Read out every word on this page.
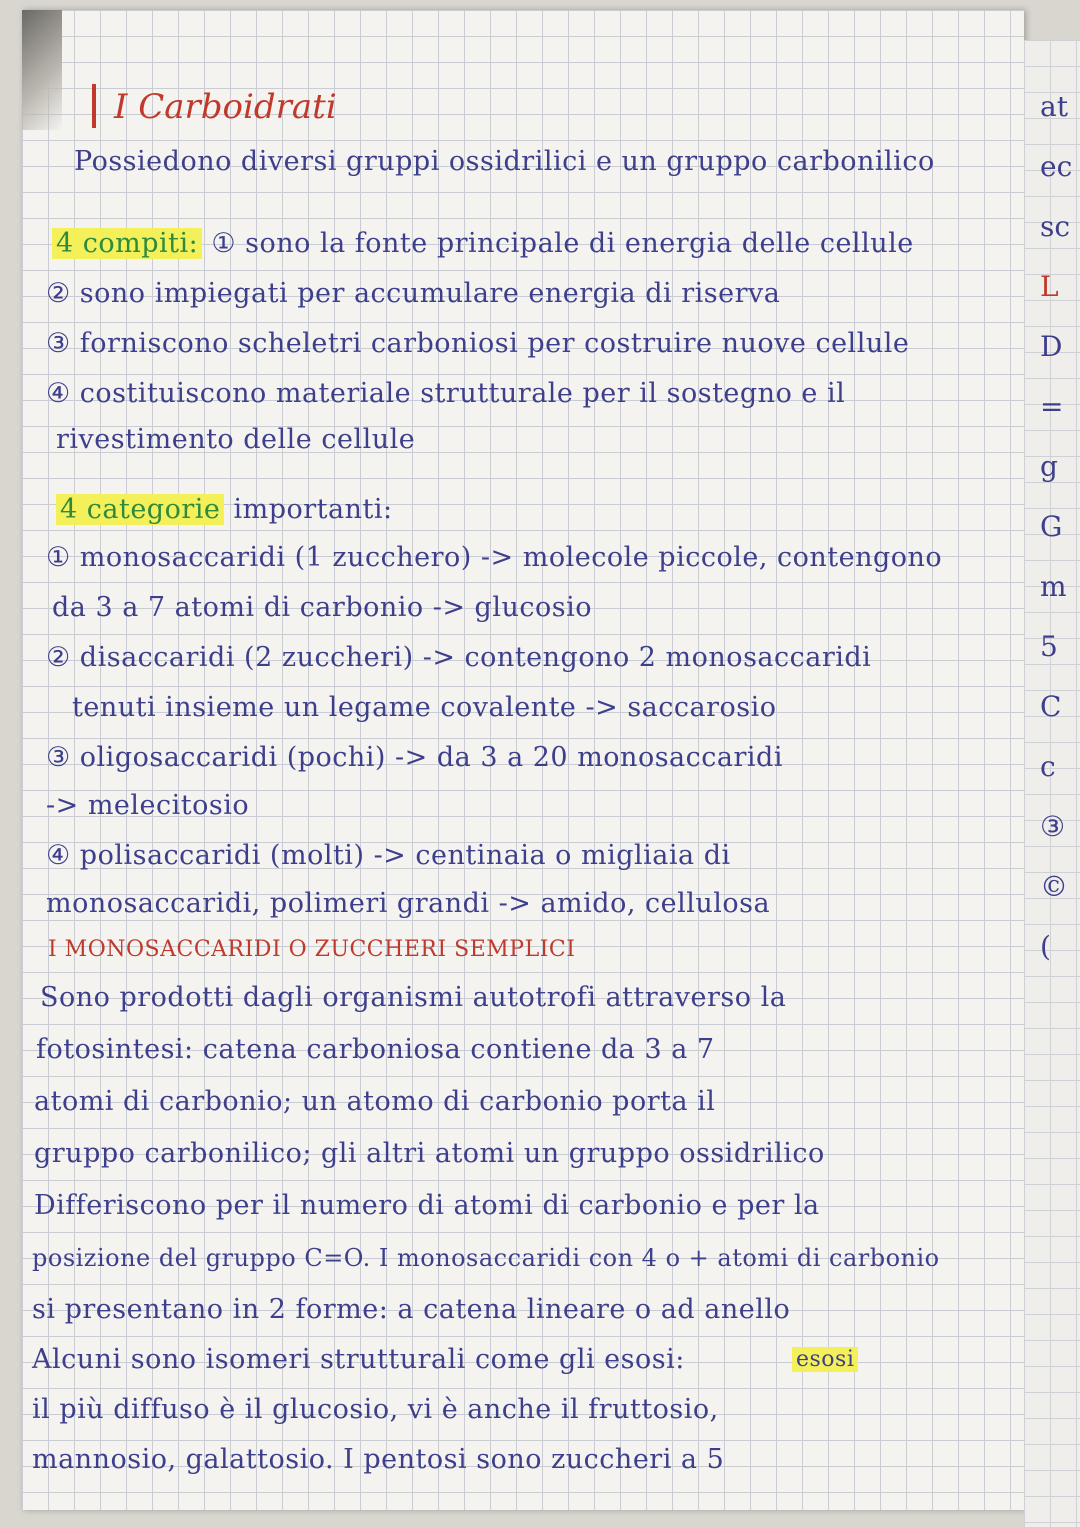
I Carboidrati
Possiedono diversi gruppi ossidrilici e un gruppo carbonilico
4 compiti: ① sono la fonte principale di energia delle cellule
② sono impiegati per accumulare energia di riserva
③ forniscono scheletri carboniosi per costruire nuove cellule
④ costituiscono materiale strutturale per il sostegno e il
rivestimento delle cellule
4 categorie importanti:
① monosaccaridi (1 zucchero) -> molecole piccole, contengono
da 3 a 7 atomi di carbonio -> glucosio
② disaccaridi (2 zuccheri) -> contengono 2 monosaccaridi
tenuti insieme un legame covalente -> saccarosio
③ oligosaccaridi (pochi) -> da 3 a 20 monosaccaridi
-> melecitosio
④ polisaccaridi (molti) -> centinaia o migliaia di
monosaccaridi, polimeri grandi -> amido, cellulosa
I MONOSACCARIDI O ZUCCHERI SEMPLICI
Sono prodotti dagli organismi autotrofi attraverso la
fotosintesi: catena carboniosa contiene da 3 a 7
atomi di carbonio; un atomo di carbonio porta il
gruppo carbonilico; gli altri atomi un gruppo ossidrilico
Differiscono per il numero di atomi di carbonio e per la
posizione del gruppo C=O. I monosaccaridi con 4 o + atomi di carbonio
si presentano in 2 forme: a catena lineare o ad anello
Alcuni sono isomeri strutturali come gli esosi:
il più diffuso è il glucosio, vi è anche il fruttosio,
mannosio, galattosio. I pentosi sono zuccheri a 5
esosi
at
ec
sc
L
D
=
g
G
m
5
C
c
③
©
(
